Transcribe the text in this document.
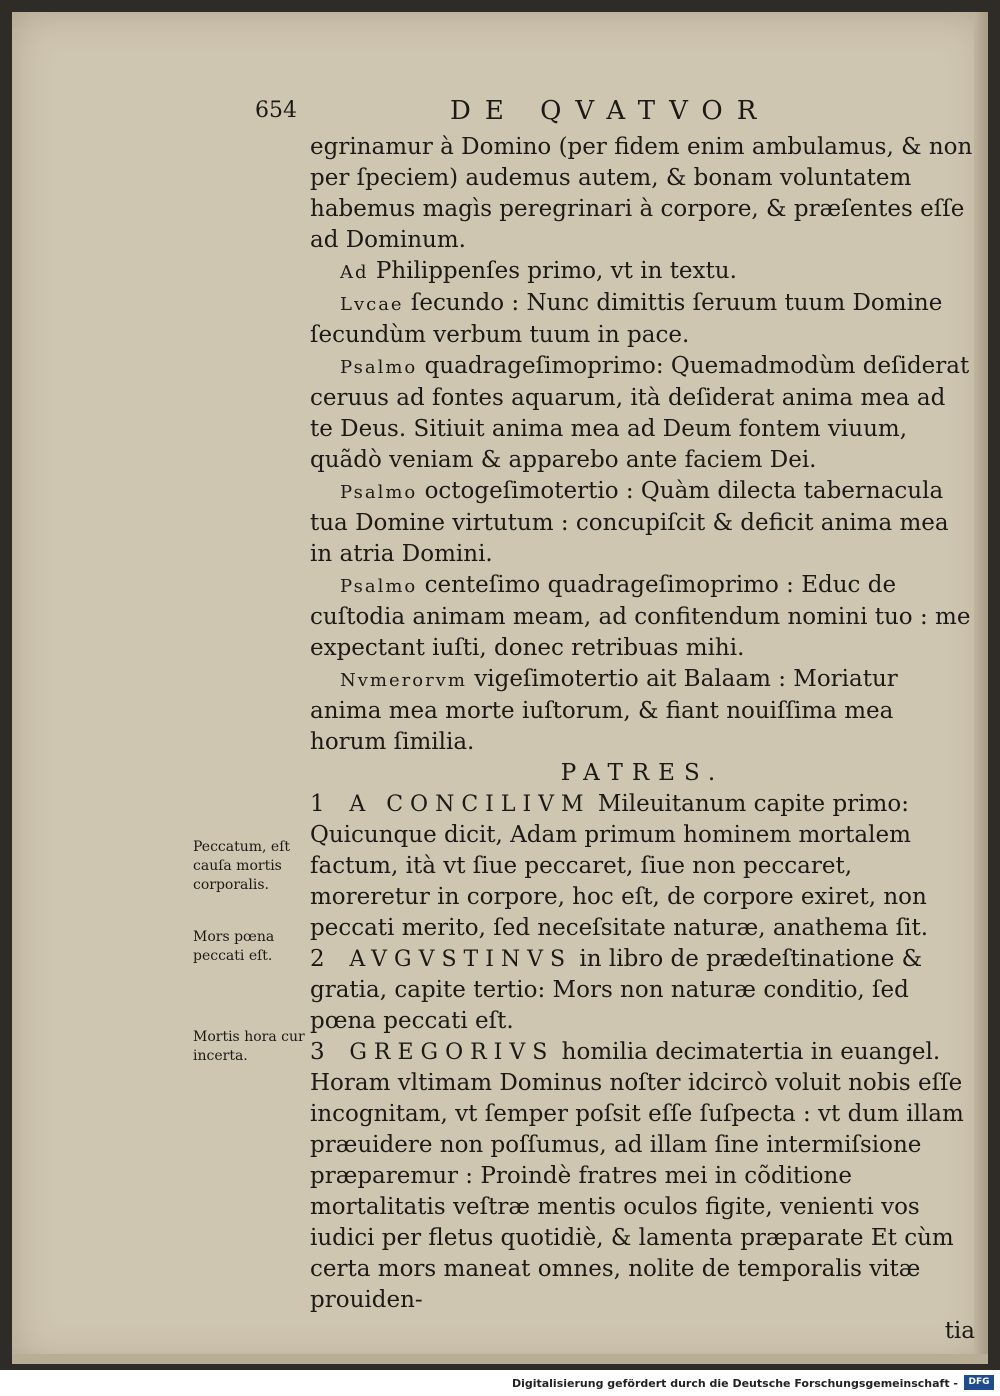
654	DE QVATVOR

egrinamur à Domino (per fidem enim ambulamus, & non per ſpeciem) audemus autem, & bonam voluntatem habemus magìs peregrinari à corpore, & præſentes eſſe ad Dominum.

Ad Philippenſes primo, vt in textu.

Lvcae ſecundo : Nunc dimittis ſeruum tuum Domine ſecundùm verbum tuum in pace.

Psalmo quadrageſimoprimo: Quemadmodùm deſiderat ceruus ad fontes aquarum, ità deſiderat anima mea ad te Deus. Sitiuit anima mea ad Deum fontem viuum, quãdò veniam & apparebo ante faciem Dei.

Psalmo octogeſimotertio : Quàm dilecta tabernacula tua Domine virtutum : concupiſcit & deficit anima mea in atria Domini.

Psalmo centeſimo quadrageſimoprimo : Educ de cuſtodia animam meam, ad confitendum nomini tuo : me expectant iuſti, donec retribuas mihi.

Nvmerorvm vigeſimotertio ait Balaam : Moriatur anima mea morte iuſtorum, & fiant nouiſſima mea horum ſimilia.

PATRES.

1 A CONCILIVM Mileuitanum capite primo: Quicunque dicit, Adam primum hominem mortalem factum, ità vt ſiue peccaret, ſiue non peccaret, moreretur in corpore, hoc eſt, de corpore exiret, non peccati merito, ſed neceſsitate naturæ, anathema ſit.

2 AVGVSTINVS in libro de prædeſtinatione & gratia, capite tertio: Mors non naturæ conditio, ſed pœna peccati eſt.

3 GREGORIVS homilia decimatertia in euangel. Horam vltimam Dominus noſter idcircò voluit nobis eſſe incognitam, vt ſemper poſsit eſſe ſuſpecta : vt dum illam præuidere non poſſumus, ad illam ſine intermiſsione præparemur : Proindè fratres mei in cõditione mortalitatis veſtræ mentis oculos figite, venienti vos iudici per fletus quotidiè, & lamenta præparate Et cùm certa mors maneat omnes, nolite de temporalis vitæ prouiden-

tia

Peccatum, eſt cauſa mortis corporalis.
Mors pœna peccati eſt.
Mortis hora cur incerta.
Digitalisierung gefördert durch die Deutsche Forschungsgemeinschaft -	DFG
